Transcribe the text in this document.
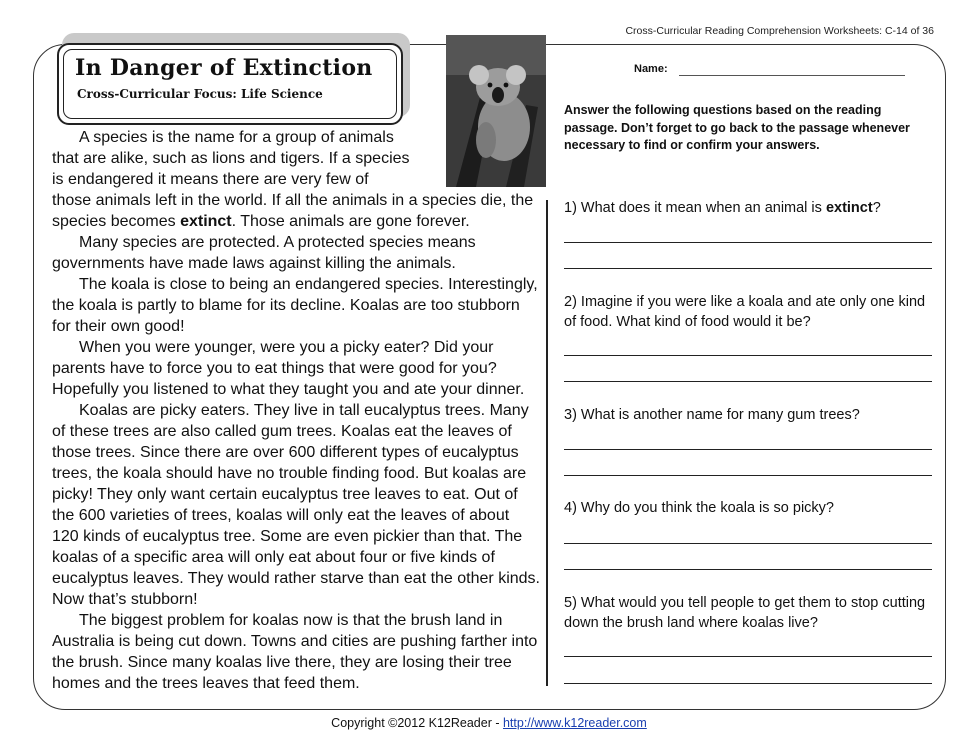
Cross-Curricular Reading Comprehension Worksheets: C-14 of 36
In Danger of Extinction
Cross-Curricular Focus: Life Science

A species is the name for a group of animals that are alike, such as lions and tigers. If a species is endangered it means there are very few of those animals left in the world. If all the animals in a species die, the species becomes extinct. Those animals are gone forever.

Many species are protected. A protected species means governments have made laws against killing the animals.

The koala is close to being an endangered species. Interestingly, the koala is partly to blame for its decline. Koalas are too stubborn for their own good!

When you were younger, were you a picky eater? Did your parents have to force you to eat things that were good for you? Hopefully you listened to what they taught you and ate your dinner.

Koalas are picky eaters. They live in tall eucalyptus trees. Many of these trees are also called gum trees. Koalas eat the leaves of those trees. Since there are over 600 different types of eucalyptus trees, the koala should have no trouble finding food. But koalas are picky! They only want certain eucalyptus tree leaves to eat. Out of the 600 varieties of trees, koalas will only eat the leaves of about 120 kinds of eucalyptus tree. Some are even pickier than that. The koalas of a specific area will only eat about four or five kinds of eucalyptus leaves. They would rather starve than eat the other kinds. Now that’s stubborn!

The biggest problem for koalas now is that the brush land in Australia is being cut down. Towns and cities are pushing farther into the brush. Since many koalas live there, they are losing their tree homes and the trees leaves that feed them.

Name:
Answer the following questions based on the reading passage. Don’t forget to go back to the passage whenever necessary to find or confirm your answers.
1) What does it mean when an animal is extinct?
2) Imagine if you were like a koala and ate only one kind of food. What kind of food would it be?
3) What is another name for many gum trees?
4) Why do you think the koala is so picky?
5) What would you tell people to get them to stop cutting down the brush land where koalas live?
Copyright ©2012 K12Reader - http://www.k12reader.com
